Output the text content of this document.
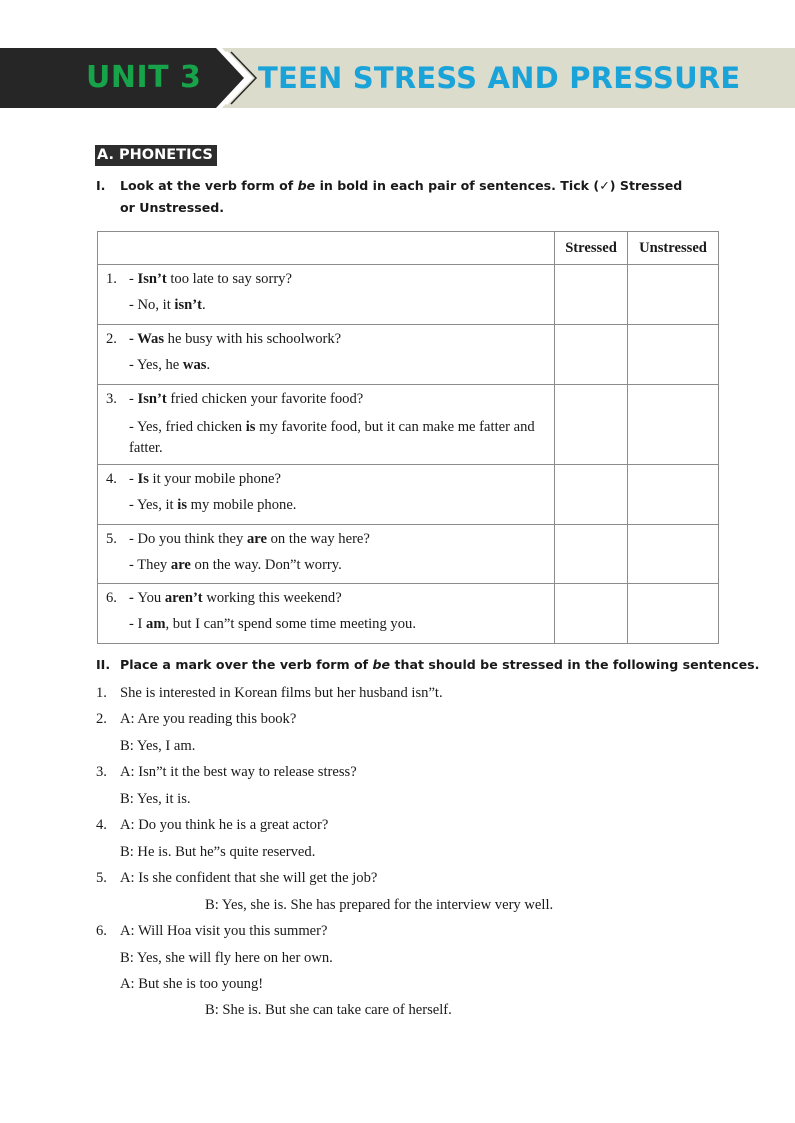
UNIT 3 TEEN STRESS AND PRESSURE
A. PHONETICS
I. Look at the verb form of be in bold in each pair of sentences. Tick (✓) Stressed or Unstressed.
	Stressed	Unstressed

1. - Isn’t too late to say sorry?
- No, it isn’t.		

2. - Was he busy with his schoolwork?
- Yes, he was.		

3. - Isn’t fried chicken your favorite food?
- Yes, fried chicken is my favorite food, but it can make me fatter and fatter.		

4. - Is it your mobile phone?
- Yes, it is my mobile phone.		

5. - Do you think they are on the way here?
- They are on the way. Don”t worry.		

6. - You aren’t working this weekend?
- I am, but I can”t spend some time meeting you.		

II. Place a mark over the verb form of be that should be stressed in the following sentences.
1. She is interested in Korean films but her husband isn”t.
2. A: Are you reading this book?
B: Yes, I am.
3. A: Isn”t it the best way to release stress?
B: Yes, it is.
4. A: Do you think he is a great actor?
B: He is. But he”s quite reserved.
5. A: Is she confident that she will get the job?
B: Yes, she is. She has prepared for the interview very well.
6. A: Will Hoa visit you this summer?
B: Yes, she will fly here on her own.
A: But she is too young!
B: She is. But she can take care of herself.
